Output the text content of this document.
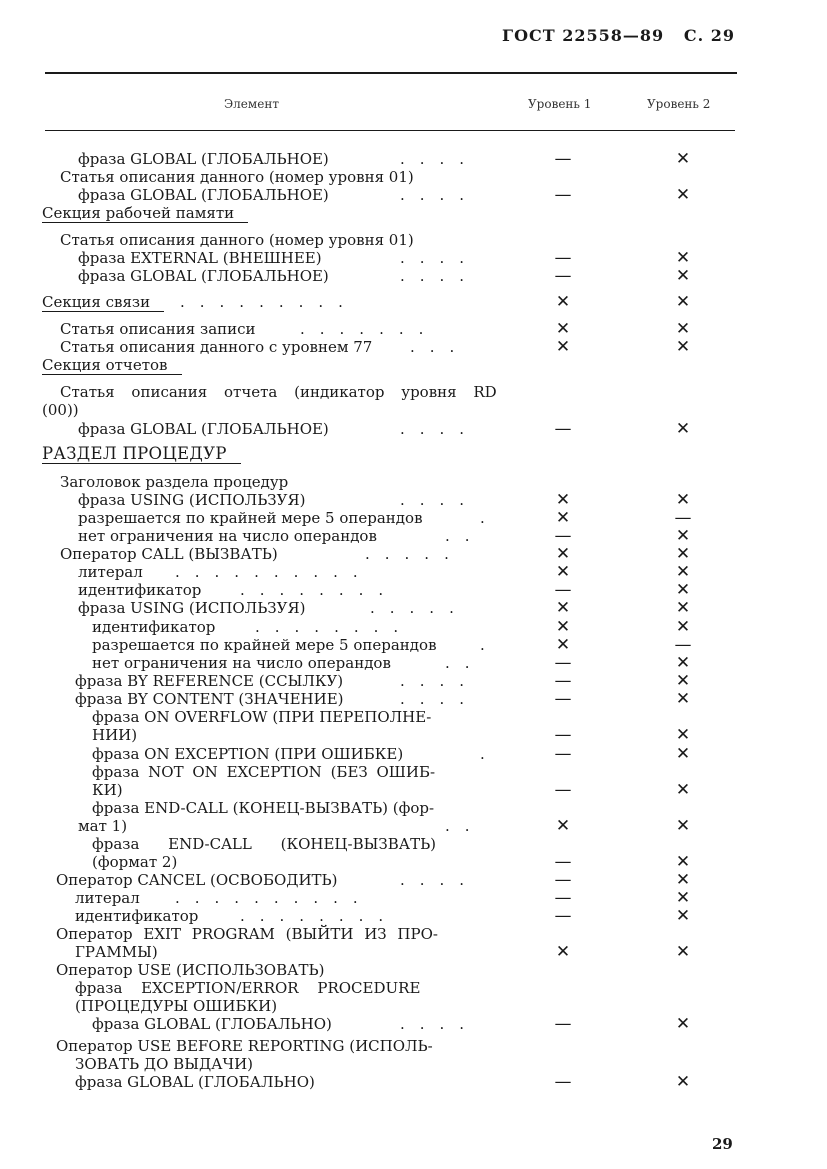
ГОСТ 22558—89 С. 29
Элемент	Уровень 1	Уровень 2
....
фраза GLOBAL (ГЛОБАЛЬНОЕ)	—	✕
Статья описания данного (номер уровня 01)
....
фраза GLOBAL (ГЛОБАЛЬНОЕ)	—	✕
Секция рабочей памяти
Статья описания данного (номер уровня 01)
....
фраза EXTERNAL (ВНЕШНЕЕ)	—	✕
....
фраза GLOBAL (ГЛОБАЛЬНОЕ)	—	✕
.........
Секция связи	✕	✕
.......
Статья описания записи	✕	✕
...
Статья описания данного с уровнем 77	✕	✕
Секция отчетов
Статья описания отчета (индикатор уровня RD
(00))
....
фраза GLOBAL (ГЛОБАЛЬНОЕ)	—	✕
РАЗДЕЛ ПРОЦЕДУР
Заголовок раздела процедур
....
фраза USING (ИСПОЛЬЗУЯ)	✕	✕
.
разрешается по крайней мере 5 операндов	✕	—
..
нет ограничения на число операндов	—	✕
.....
Оператор CALL (ВЫЗВАТЬ)	✕	✕
..........
литерал	✕	✕
........
идентификатор	—	✕
.....
фраза USING (ИСПОЛЬЗУЯ)	✕	✕
........
идентификатор	✕	✕
.
разрешается по крайней мере 5 операндов	✕	—
..
нет ограничения на число операндов	—	✕
....
фраза BY REFERENCE (ССЫЛКУ)	—	✕
....
фраза BY CONTENT (ЗНАЧЕНИЕ)	—	✕
фраза ON OVERFLOW (ПРИ ПЕРЕПОЛНЕ-
НИИ)	—	✕
.
фраза ON EXCEPTION (ПРИ ОШИБКЕ)	—	✕
фраза NOT ON EXCEPTION (БЕЗ ОШИБ-
КИ)	—	✕
фраза END-CALL (КОНЕЦ-ВЫЗВАТЬ) (фор-
..
мат 1)	✕	✕
фраза END-CALL (КОНЕЦ-ВЫЗВАТЬ)
(формат 2)	—	✕
....
Оператор CANCEL (ОСВОБОДИТЬ)	—	✕
..........
литерал	—	✕
........
идентификатор	—	✕
Оператор EXIT PROGRAM (ВЫЙТИ ИЗ ПРО-
ГРАММЫ)	✕	✕
Оператор USE (ИСПОЛЬЗОВАТЬ)
фраза EXCEPTION/ERROR PROCEDURE
(ПРОЦЕДУРЫ ОШИБКИ)
....
фраза GLOBAL (ГЛОБАЛЬНО)	—	✕
Оператор USE BEFORE REPORTING (ИСПОЛЬ-
ЗОВАТЬ ДО ВЫДАЧИ)
фраза GLOBAL (ГЛОБАЛЬНО)	—	✕
29
